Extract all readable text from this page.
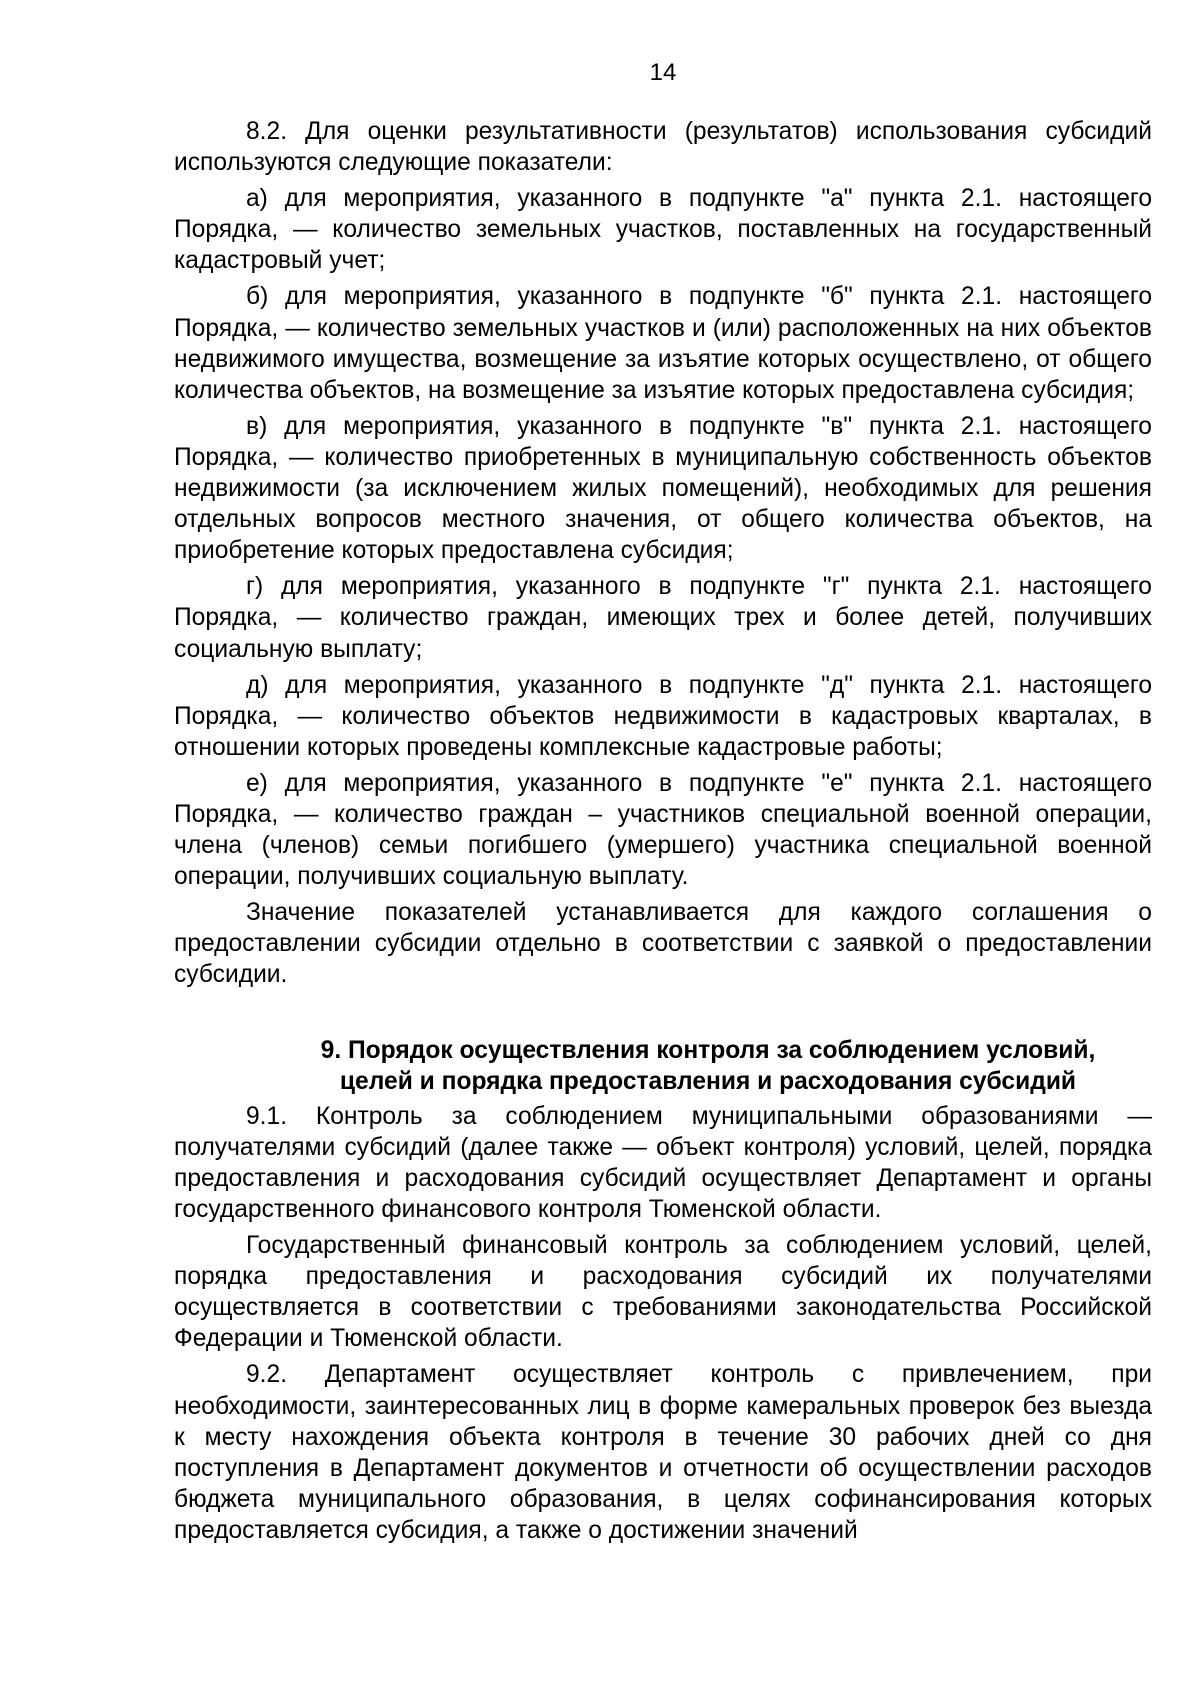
14

8.2. Для оценки результативности (результатов) использования субсидий используются следующие показатели:

а) для мероприятия, указанного в подпункте "а" пункта 2.1. настоящего Порядка, — количество земельных участков, поставленных на государственный кадастровый учет;

б) для мероприятия, указанного в подпункте "б" пункта 2.1. настоящего Порядка, — количество земельных участков и (или) расположенных на них объектов недвижимого имущества, возмещение за изъятие которых осуществлено, от общего количества объектов, на возмещение за изъятие которых предоставлена субсидия;

в) для мероприятия, указанного в подпункте "в" пункта 2.1. настоящего Порядка, — количество приобретенных в муниципальную собственность объектов недвижимости (за исключением жилых помещений), необходимых для решения отдельных вопросов местного значения, от общего количества объектов, на приобретение которых предоставлена субсидия;

г) для мероприятия, указанного в подпункте "г" пункта 2.1. настоящего Порядка, — количество граждан, имеющих трех и более детей, получивших социальную выплату;

д) для мероприятия, указанного в подпункте "д" пункта 2.1. настоящего Порядка, — количество объектов недвижимости в кадастровых кварталах, в отношении которых проведены комплексные кадастровые работы;

е) для мероприятия, указанного в подпункте "е" пункта 2.1. настоящего Порядка, — количество граждан – участников специальной военной операции, члена (членов) семьи погибшего (умершего) участника специальной военной операции, получивших социальную выплату.

Значение показателей устанавливается для каждого соглашения о предоставлении субсидии отдельно в соответствии с заявкой о предоставлении субсидии.

9. Порядок осуществления контроля за соблюдением условий,
целей и порядка предоставления и расходования субсидий

9.1. Контроль за соблюдением муниципальными образованиями — получателями субсидий (далее также — объект контроля) условий, целей, порядка предоставления и расходования субсидий осуществляет Департамент и органы государственного финансового контроля Тюменской области.

Государственный финансовый контроль за соблюдением условий, целей, порядка предоставления и расходования субсидий их получателями осуществляется в соответствии с требованиями законодательства Российской Федерации и Тюменской области.

9.2. Департамент осуществляет контроль с привлечением, при необходимости, заинтересованных лиц в форме камеральных проверок без выезда к месту нахождения объекта контроля в течение 30 рабочих дней со дня поступления в Департамент документов и отчетности об осуществлении расходов бюджета муниципального образования, в целях софинансирования которых предоставляется субсидия, а также о достижении значений
